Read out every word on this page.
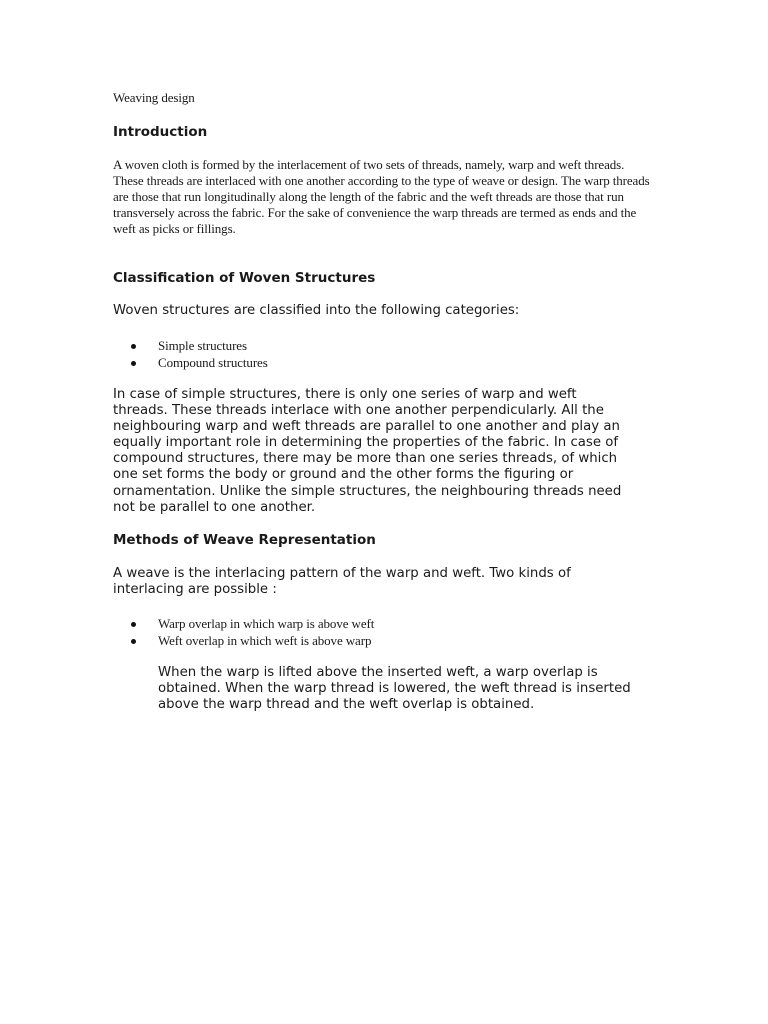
Weaving design
Introduction

A woven cloth is formed by the interlacement of two sets of threads, namely, warp and weft threads. These threads are interlaced with one another according to the type of weave or design. The warp threads are those that run longitudinally along the length of the fabric and the weft threads are those that run transversely across the fabric. For the sake of convenience the warp threads are termed as ends and the weft as picks or fillings.

Classification of Woven Structures

Woven structures are classified into the following categories:

Simple structures
Compound structures

In case of simple structures, there is only one series of warp and weft
threads. These threads interlace with one another perpendicularly. All the
neighbouring warp and weft threads are parallel to one another and play an
equally important role in determining the properties of the fabric. In case of
compound structures, there may be more than one series threads, of which
one set forms the body or ground and the other forms the figuring or
ornamentation. Unlike the simple structures, the neighbouring threads need
not be parallel to one another.

Methods of Weave Representation

A weave is the interlacing pattern of the warp and weft. Two kinds of
interlacing are possible :

Warp overlap in which warp is above weft
Weft overlap in which weft is above warp

When the warp is lifted above the inserted weft, a warp overlap is
obtained. When the warp thread is lowered, the weft thread is inserted
above the warp thread and the weft overlap is obtained.
